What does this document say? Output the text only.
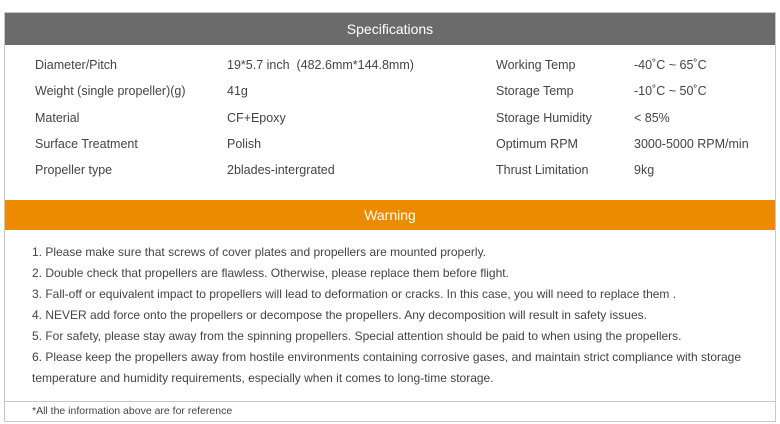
Specifications
Diameter/Pitch	19*5.7 inch  (482.6mm*144.8mm)	Working Temp	-40˚C ~ 65˚C
Weight (single propeller)(g)	41g	Storage Temp	-10˚C ~ 50˚C
Material	CF+Epoxy	Storage Humidity	< 85%
Surface Treatment	Polish	Optimum RPM	3000-5000 RPM/min
Propeller type	2blades-intergrated	Thrust Limitation	9kg
Warning
1. Please make sure that screws of cover plates and propellers are mounted properly.
2. Double check that propellers are flawless. Otherwise, please replace them before flight.
3. Fall-off or equivalent impact to propellers will lead to deformation or cracks. In this case, you will need to replace them .
4. NEVER add force onto the propellers or decompose the propellers. Any decomposition will result in safety issues.
5. For safety, please stay away from the spinning propellers. Special attention should be paid to when using the propellers.
6. Please keep the propellers away from hostile environments containing corrosive gases, and maintain strict compliance with storage temperature and humidity requirements, especially when it comes to long-time storage.
*All the information above are for reference
